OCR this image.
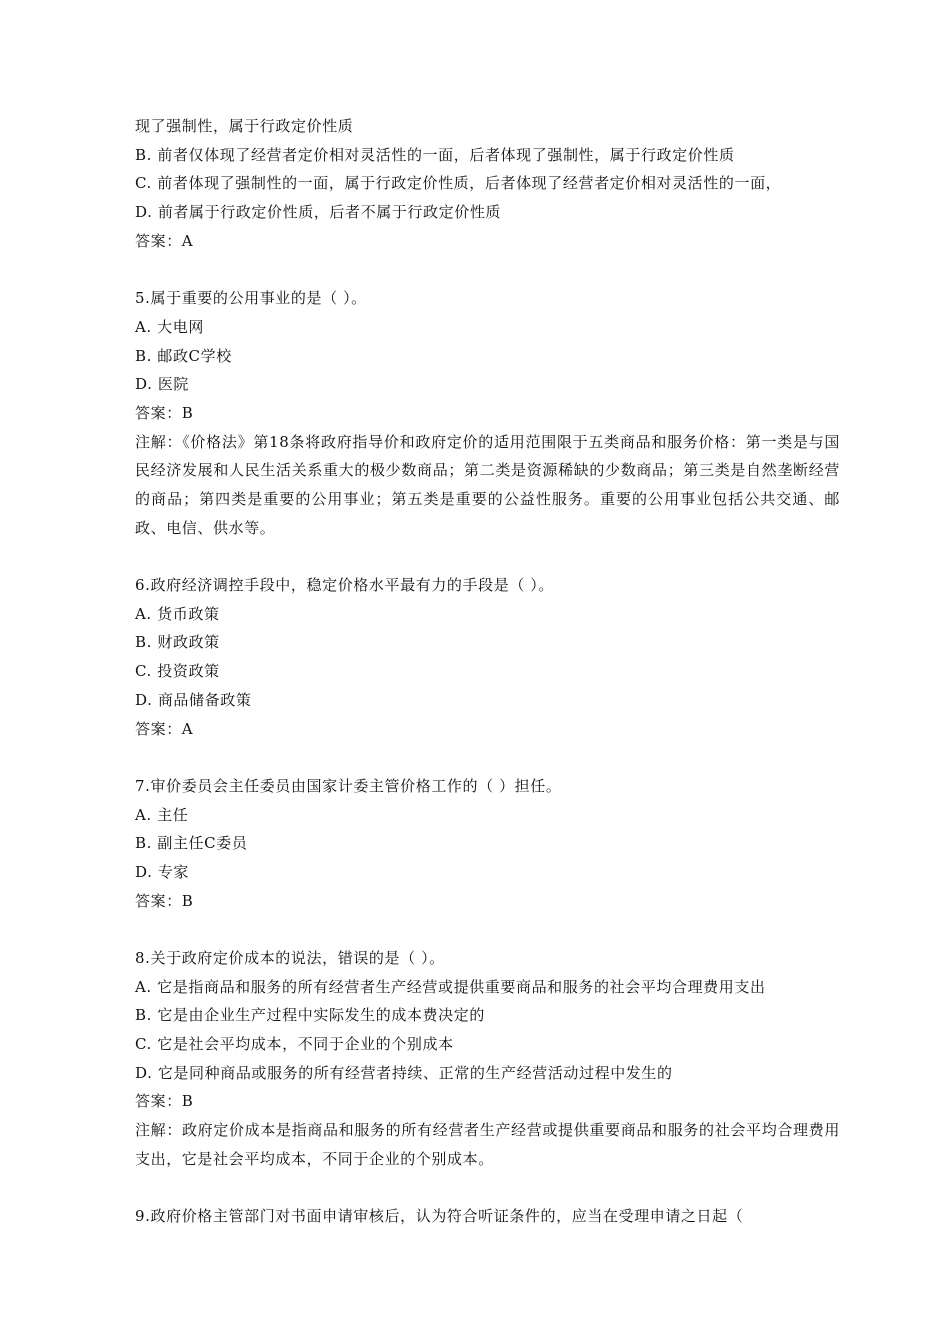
现了强制性，属于行政定价性质
B. 前者仅体现了经营者定价相对灵活性的一面，后者体现了强制性，属于行政定价性质
C. 前者体现了强制性的一面，属于行政定价性质，后者体现了经营者定价相对灵活性的一面，
D. 前者属于行政定价性质，后者不属于行政定价性质
答案：A
5.属于重要的公用事业的是（ ）。
A. 大电网
B. 邮政C学校
D. 医院
答案：B
注解：《价格法》第18条将政府指导价和政府定价的适用范围限于五类商品和服务价格：第一类是与国民经济发展和人民生活关系重大的极少数商品；第二类是资源稀缺的少数商品；第三类是自然垄断经营的商品；第四类是重要的公用事业；第五类是重要的公益性服务。重要的公用事业包括公共交通、邮政、电信、供水等。
6.政府经济调控手段中，稳定价格水平最有力的手段是（ ）。
A. 货币政策
B. 财政政策
C. 投资政策
D. 商品储备政策
答案：A
7.审价委员会主任委员由国家计委主管价格工作的（ ）担任。
A. 主任
B. 副主任C委员
D. 专家
答案：B
8.关于政府定价成本的说法，错误的是（ ）。
A. 它是指商品和服务的所有经营者生产经营或提供重要商品和服务的社会平均合理费用支出
B. 它是由企业生产过程中实际发生的成本费决定的
C. 它是社会平均成本，不同于企业的个别成本
D. 它是同种商品或服务的所有经营者持续、正常的生产经营活动过程中发生的
答案：B
注解：政府定价成本是指商品和服务的所有经营者生产经营或提供重要商品和服务的社会平均合理费用支出，它是社会平均成本，不同于企业的个别成本。
9.政府价格主管部门对书面申请审核后，认为符合听证条件的，应当在受理申请之日起（
